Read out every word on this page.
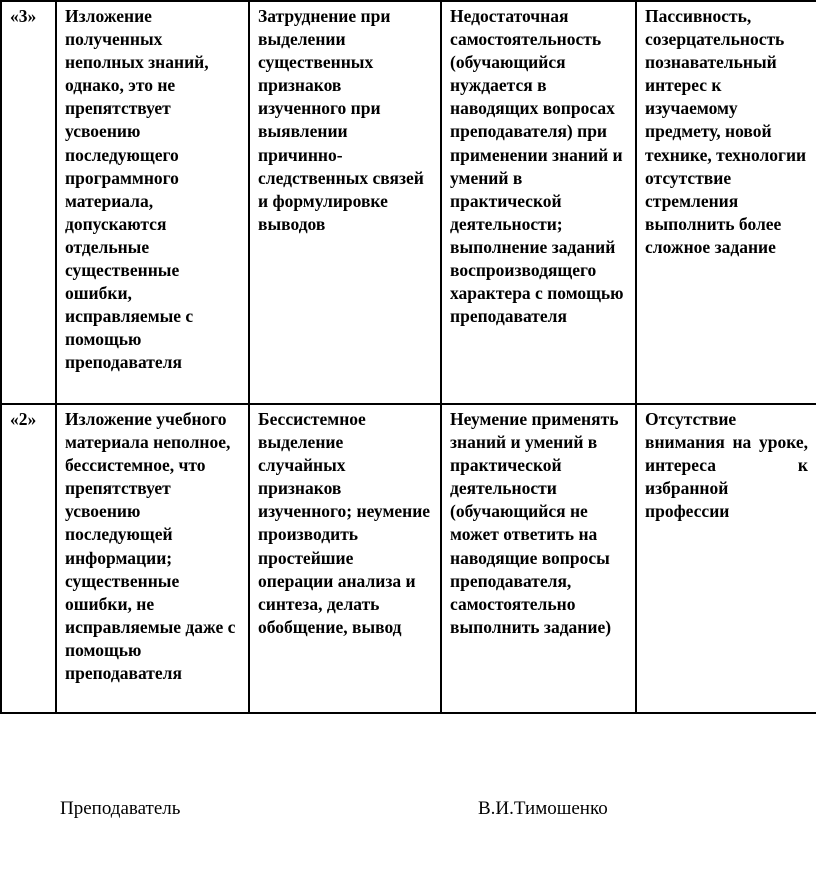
«3»	Изложение полученных неполных знаний, однако, это не препятствует усвоению последующего программного материала, допускаются отдельные существенные ошибки, исправляемые с помощью преподавателя	Затруднение при выделении существенных признаков изученного при выявлении причинно-следственных связей и формулировке выводов	Недостаточная самостоятельность (обучающийся нуждается в наводящих вопросах преподавателя) при применении знаний и умений в практической деятельности; выполнение заданий воспроизводящего характера с помощью преподавателя	Пассивность, созерцательность познавательный интерес к изучаемому предмету, новой технике, технологии отсутствие стремления выполнить более сложное задание
«2»	Изложение учебного материала неполное, бессистемное, что препятствует усвоению последующей информации; существенные ошибки, не исправляемые даже с помощью преподавателя	Бессистемное выделение случайных признаков изученного; неумение производить простейшие операции анализа и синтеза, делать обобщение, вывод	Неумение применять знаний и умений в практической деятельности (обучающийся не может ответить на наводящие вопросы преподавателя, самостоятельно выполнить задание)	Отсутствие внимания на уроке, интереса к избранной профессии
Преподаватель	В.И.Тимошенко
